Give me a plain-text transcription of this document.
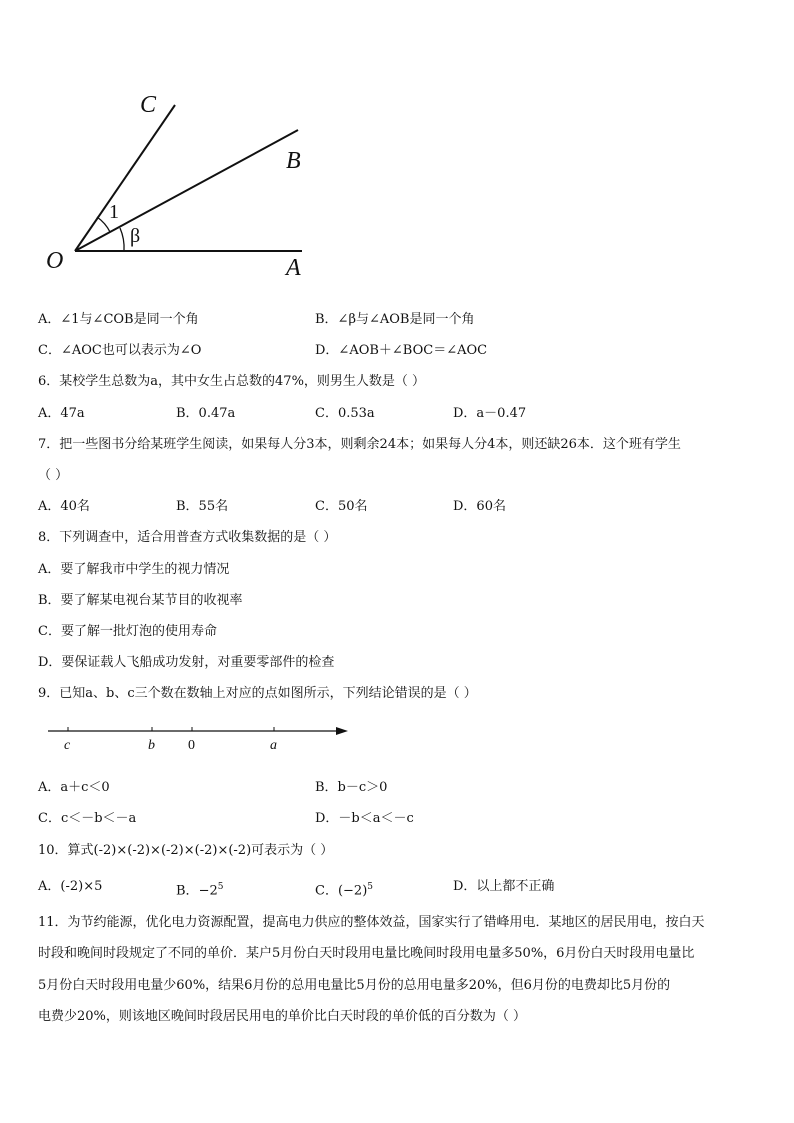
C
B
O	A
1
β
A．∠1与∠COB是同一个角	B．∠β与∠AOB是同一个角
C．∠AOC也可以表示为∠O	D．∠AOB＋∠BOC＝∠AOC
6．某校学生总数为a，其中女生占总数的47%，则男生人数是（ ）
A．47a	B．0.47a	C．0.53a	D．a－0.47
7．把一些图书分给某班学生阅读，如果每人分3本，则剩余24本；如果每人分4本，则还缺26本．这个班有学生
（ ）
A．40名	B．55名	C．50名	D．60名
8．下列调查中，适合用普查方式收集数据的是（ ）
A．要了解我市中学生的视力情况
B．要了解某电视台某节目的收视率
C．要了解一批灯泡的使用寿命
D．要保证载人飞船成功发射，对重要零部件的检查
9．已知a、b、c三个数在数轴上对应的点如图所示，下列结论错误的是（ ）
c	b 0	a
A．a＋c＜0	B．b－c＞0
C．c＜－b＜－a	D．－b＜a＜－c
10．算式(-2)×(-2)×(-2)×(-2)×(-2)可表示为（ ）
A．(-2)×5	B．$-2^5$	C．$(-2)^5$	D．以上都不正确
11．为节约能源，优化电力资源配置，提高电力供应的整体效益，国家实行了错峰用电．某地区的居民用电，按白天
时段和晚间时段规定了不同的单价．某户5月份白天时段用电量比晚间时段用电量多50%，6月份白天时段用电量比
5月份白天时段用电量少60%，结果6月份的总用电量比5月份的总用电量多20%，但6月份的电费却比5月份的
电费少20%，则该地区晚间时段居民用电的单价比白天时段的单价低的百分数为（ ）
